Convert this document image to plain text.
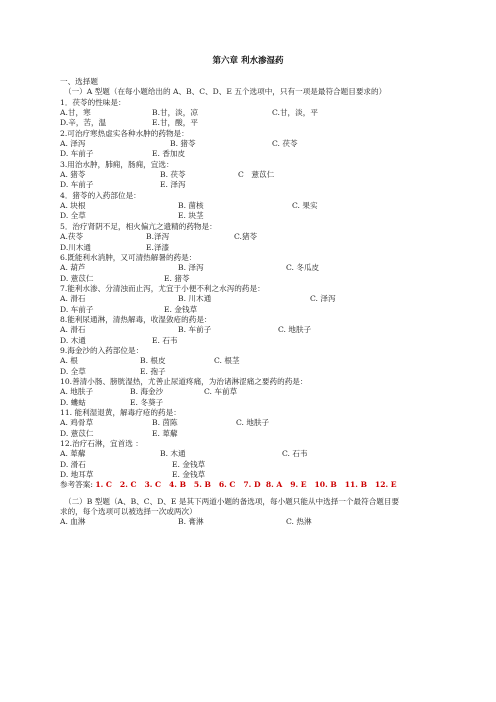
第六章 利水渗湿药
一、选择题
（一）A 型题（在每小题给出的 A、B、C、D、E 五个选项中，只有一项是最符合题目要求的）
1．茯苓的性味是：
A.甘，寒	B.甘，淡，凉	C.甘，淡，平
D.辛，苦，温	E.甘，酸，平
2.可治疗寒热虚实各种水肿的药物是：
A. 泽泻	B. 猪苓	C. 茯苓
D. 车前子	E. 香加皮
3.用治水肿，肺痈，肠痈，宜选：
A. 猪苓	B. 茯苓	C　薏苡仁
D. 车前子	E. 泽泻
4．猪苓的入药部位是：
A. 块根	B. 菌核	C. 果实
D. 全草	E. 块茎
5．治疗肾阴不足，相火偏亢之遗精的药物是：
A.茯苓	B.泽泻	C.猪苓
D.川木通	E.泽漆
6.既能利水消肿，又可清热解暑的药是：
A. 葫芦	B. 泽泻	C. 冬瓜皮
D. 薏苡仁	E. 猪苓
7.能利水渗、分清浊而止泻，尤宜于小便不利之水泻的药是：
A. 滑石	B. 川木通	C. 泽泻
D. 车前子	E. 金钱草
8.能利尿通淋，清热解毒，收湿敛疮的药是：
A. 滑石	B. 车前子	C. 地肤子
D. 木通	E. 石韦
9.海金沙的入药部位是：
A. 根	B. 根皮	C. 根茎
D. 全草	E. 孢子
10.善清小肠、膀胱湿热，尤善止尿道疼痛，为治诸淋涩痛之要药的药是：
A. 地肤子	B. 海金沙	C. 车前草
D. 螻蛄	E. 冬葵子
11. 能利湿退黄，解毒疗疮的药是：
A. 鸡骨草	B. 茵陈	C. 地肤子
D. 薏苡仁	E. 萆薢
12.治疗石淋，宜首选 ：
A. 萆薢	B. 木通	C. 石韦
D. 滑石	E. 金钱草
D. 地耳草	E. 金钱草
参考答案: 1. C   2. C   3. C   4. B   5. B   6. C   7. D  8. A   9. E   10. B   11. B   12. E
（二）B 型题（A、B、C、D、E 是其下两道小题的备选项，每小题只能从中选择一个最符合题目要
求的，每个选项可以被选择一次或两次）
A. 血淋	B. 膏淋	C. 热淋
